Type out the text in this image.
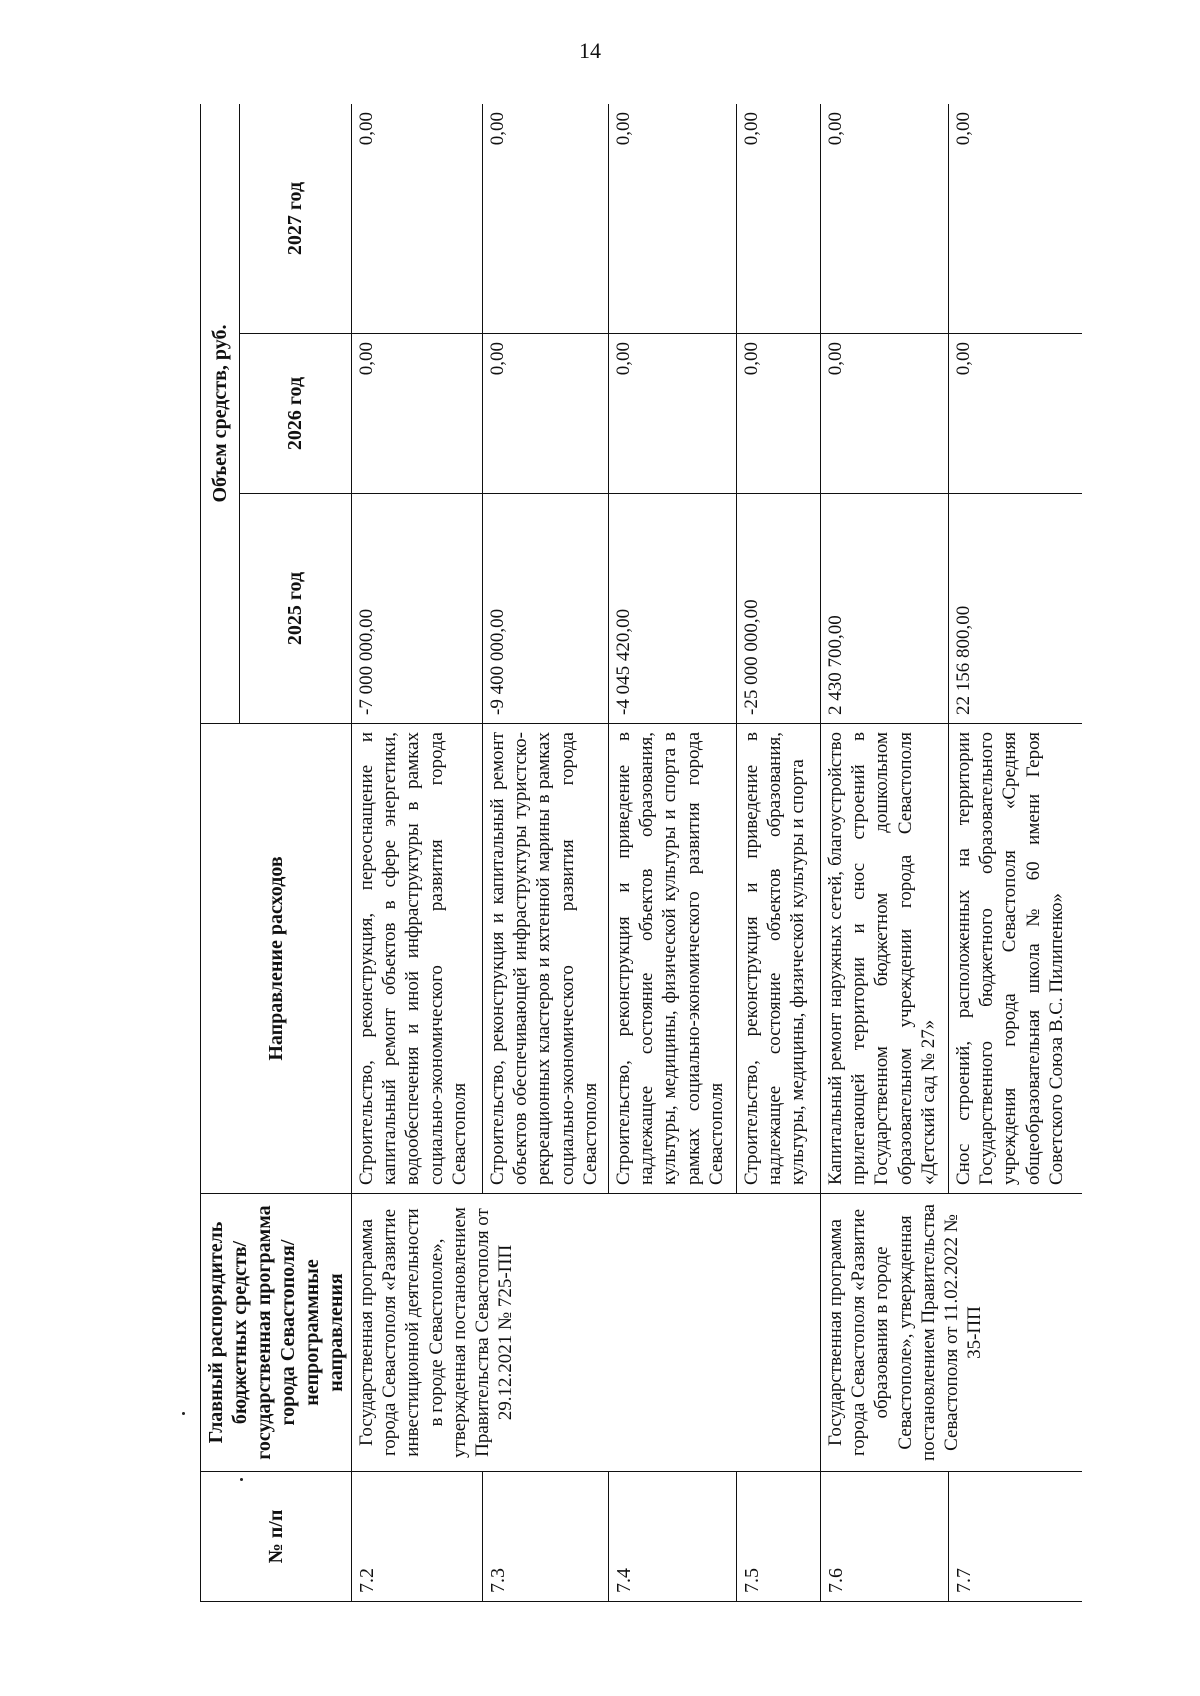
14
№ п/п	Главный распорядитель бюджетных средств/государственная программа города Севастополя/непрограммные направления	Направление расходов	Объем средств, руб.		
			2025 год	2026 год	2027 год
7.2	Государственная программа города Севастополя «Развитие инвестиционной деятельности в городе Севастополе», утвержденная постановлением Правительства Севастополя от 29.12.2021 № 725-ПП	Строительство, реконструкция, переоснащение и капитальный ремонт объектов в сфере энергетики, водообеспечения и иной инфраструктуры в рамках социально-экономического развития города Севастополя	-7 000 000,00	0,00	0,00
7.3		Строительство, реконструкция и капитальный ремонт объектов обеспечивающей инфраструктуры туристско-рекреационных кластеров и яхтенной марины в рамках социально-экономического развития города Севастополя	-9 400 000,00	0,00	0,00
7.4		Строительство, реконструкция и приведение в надлежащее состояние объектов образования, культуры, медицины, физической культуры и спорта в рамках социально-экономического развития города Севастополя	-4 045 420,00	0,00	0,00
7.5		Строительство, реконструкция и приведение в надлежащее состояние объектов образования, культуры, медицины, физической культуры и спорта	-25 000 000,00	0,00	0,00
7.6	Государственная программа города Севастополя «Развитие образования в городе Севастополе», утвержденная постановлением Правительства Севастополя от 11.02.2022 № 35-ПП	Капитальный ремонт наружных сетей, благоустройство прилегающей территории и снос строений в Государственном бюджетном дошкольном образовательном учреждении города Севастополя «Детский сад № 27»	2 430 700,00	0,00	0,00
7.7		Снос строений, расположенных на территории Государственного бюджетного образовательного учреждения города Севастополя «Средняя общеобразовательная школа № 60 имени Героя Советского Союза В.С. Пилипенко»	22 156 800,00	0,00	0,00
